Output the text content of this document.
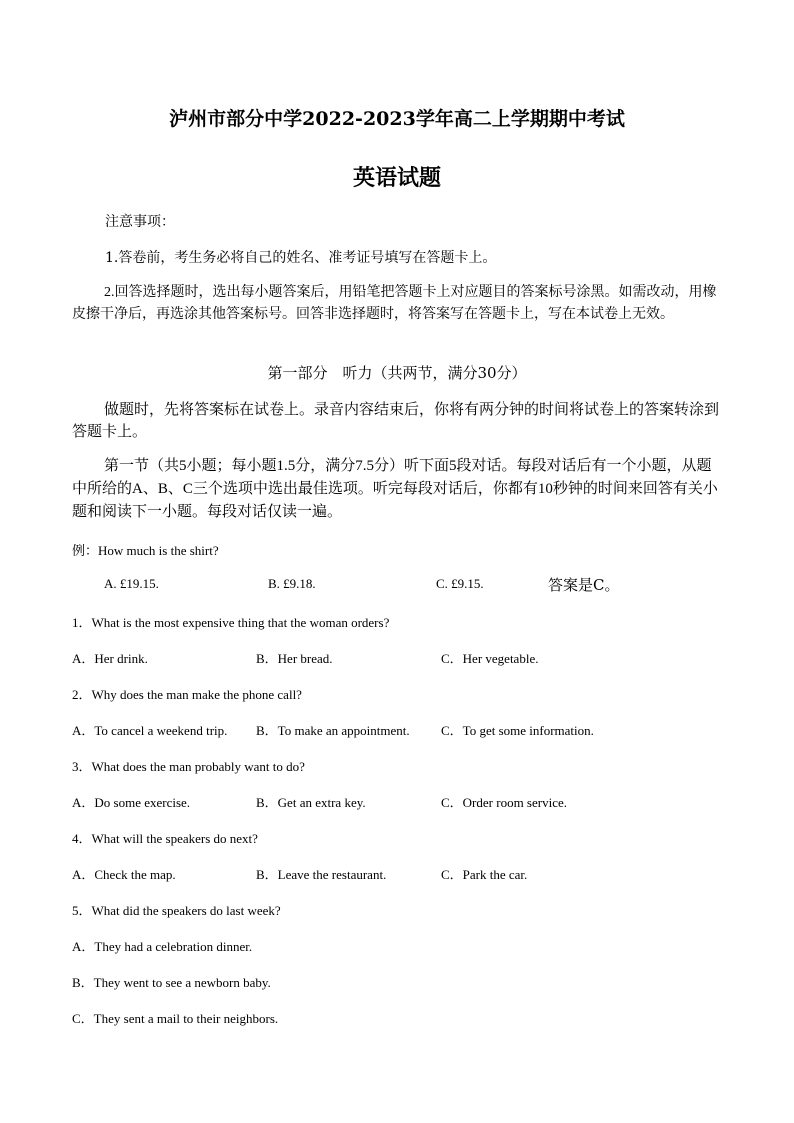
泸州市部分中学2022-2023学年高二上学期期中考试
英语试题
注意事项：
1.答卷前，考生务必将自己的姓名、准考证号填写在答题卡上。

2.回答选择题时，选出每小题答案后，用铅笔把答题卡上对应题目的答案标号涂黑。如需改动，用橡皮擦干净后，再选涂其他答案标号。回答非选择题时，将答案写在答题卡上，写在本试卷上无效。

第一部分　听力（共两节，满分30分）

做题时，先将答案标在试卷上。录音内容结束后，你将有两分钟的时间将试卷上的答案转涂到答题卡上。

第一节（共5小题；每小题1.5分，满分7.5分）听下面5段对话。每段对话后有一个小题，从题中所给的A、B、C三个选项中选出最佳选项。听完每段对话后，你都有10秒钟的时间来回答有关小题和阅读下一小题。每段对话仅读一遍。

例：How much is the shirt?
A. £19.15.	B. £9.18.	C. £9.15.	答案是C。
1．What is the most expensive thing that the woman orders?
A．Her drink.	B．Her bread.	C．Her vegetable.
2．Why does the man make the phone call?
A．To cancel a weekend trip. B．To make an appointment. C．To get some information.
3．What does the man probably want to do?
A．Do some exercise.	B．Get an extra key.	C．Order room service.
4．What will the speakers do next?
A．Check the map.	B．Leave the restaurant.	C．Park the car.
5．What did the speakers do last week?
A．They had a celebration dinner.
B．They went to see a newborn baby.
C．They sent a mail to their neighbors.
